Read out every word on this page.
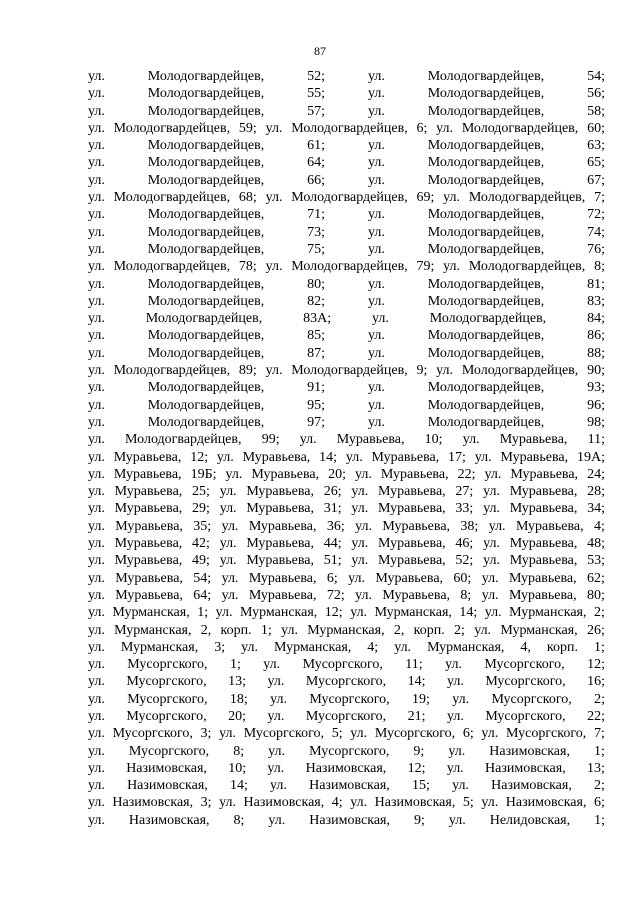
87
ул.	Молодогвардейцев,	52;	ул.	Молодогвардейцев,	54;
ул.	Молодогвардейцев,	55;	ул.	Молодогвардейцев,	56;
ул.	Молодогвардейцев,	57;	ул.	Молодогвардейцев,	58;
ул. Молодогвардейцев, 59; ул. Молодогвардейцев, 6; ул. Молодогвардейцев, 60;
ул.	Молодогвардейцев,	61;	ул.	Молодогвардейцев,	63;
ул.	Молодогвардейцев,	64;	ул.	Молодогвардейцев,	65;
ул.	Молодогвардейцев,	66;	ул.	Молодогвардейцев,	67;
ул. Молодогвардейцев, 68; ул. Молодогвардейцев, 69; ул. Молодогвардейцев, 7;
ул.	Молодогвардейцев,	71;	ул.	Молодогвардейцев,	72;
ул.	Молодогвардейцев,	73;	ул.	Молодогвардейцев,	74;
ул.	Молодогвардейцев,	75;	ул.	Молодогвардейцев,	76;
ул. Молодогвардейцев, 78; ул. Молодогвардейцев, 79; ул. Молодогвардейцев, 8;
ул.	Молодогвардейцев,	80;	ул.	Молодогвардейцев,	81;
ул.	Молодогвардейцев,	82;	ул.	Молодогвардейцев,	83;
ул.	Молодогвардейцев,	83А;	ул.	Молодогвардейцев,	84;
ул.	Молодогвардейцев,	85;	ул.	Молодогвардейцев,	86;
ул.	Молодогвардейцев,	87;	ул.	Молодогвардейцев,	88;
ул. Молодогвардейцев, 89; ул. Молодогвардейцев, 9; ул. Молодогвардейцев, 90;
ул.	Молодогвардейцев,	91;	ул.	Молодогвардейцев,	93;
ул.	Молодогвардейцев,	95;	ул.	Молодогвардейцев,	96;
ул.	Молодогвардейцев,	97;	ул.	Молодогвардейцев,	98;
ул. Молодогвардейцев, 99; ул. Муравьева, 10; ул. Муравьева, 11;
ул. Муравьева, 12; ул. Муравьева, 14; ул. Муравьева, 17; ул. Муравьева, 19А;
ул. Муравьева, 19Б; ул. Муравьева, 20; ул. Муравьева, 22; ул. Муравьева, 24;
ул. Муравьева, 25; ул. Муравьева, 26; ул. Муравьева, 27; ул. Муравьева, 28;
ул. Муравьева, 29; ул. Муравьева, 31; ул. Муравьева, 33; ул. Муравьева, 34;
ул. Муравьева, 35; ул. Муравьева, 36; ул. Муравьева, 38; ул. Муравьева, 4;
ул. Муравьева, 42; ул. Муравьева, 44; ул. Муравьева, 46; ул. Муравьева, 48;
ул. Муравьева, 49; ул. Муравьева, 51; ул. Муравьева, 52; ул. Муравьева, 53;
ул. Муравьева, 54; ул. Муравьева, 6; ул. Муравьева, 60; ул. Муравьева, 62;
ул. Муравьева, 64; ул. Муравьева, 72; ул. Муравьева, 8; ул. Муравьева, 80;
ул. Мурманская, 1; ул. Мурманская, 12; ул. Мурманская, 14; ул. Мурманская, 2;
ул. Мурманская, 2, корп. 1; ул. Мурманская, 2, корп. 2; ул. Мурманская, 26;
ул. Мурманская, 3; ул. Мурманская, 4; ул. Мурманская, 4, корп. 1;
ул. Мусоргского, 1; ул. Мусоргского, 11; ул. Мусоргского, 12;
ул. Мусоргского, 13; ул. Мусоргского, 14; ул. Мусоргского, 16;
ул. Мусоргского, 18; ул. Мусоргского, 19; ул. Мусоргского, 2;
ул. Мусоргского, 20; ул. Мусоргского, 21; ул. Мусоргского, 22;
ул. Мусоргского, 3; ул. Мусоргского, 5; ул. Мусоргского, 6; ул. Мусоргского, 7;
ул. Мусоргского, 8; ул. Мусоргского, 9; ул. Назимовская, 1;
ул. Назимовская, 10; ул. Назимовская, 12; ул. Назимовская, 13;
ул. Назимовская, 14; ул. Назимовская, 15; ул. Назимовская, 2;
ул. Назимовская, 3; ул. Назимовская, 4; ул. Назимовская, 5; ул. Назимовская, 6;
ул. Назимовская, 8; ул. Назимовская, 9; ул. Нелидовская, 1;
